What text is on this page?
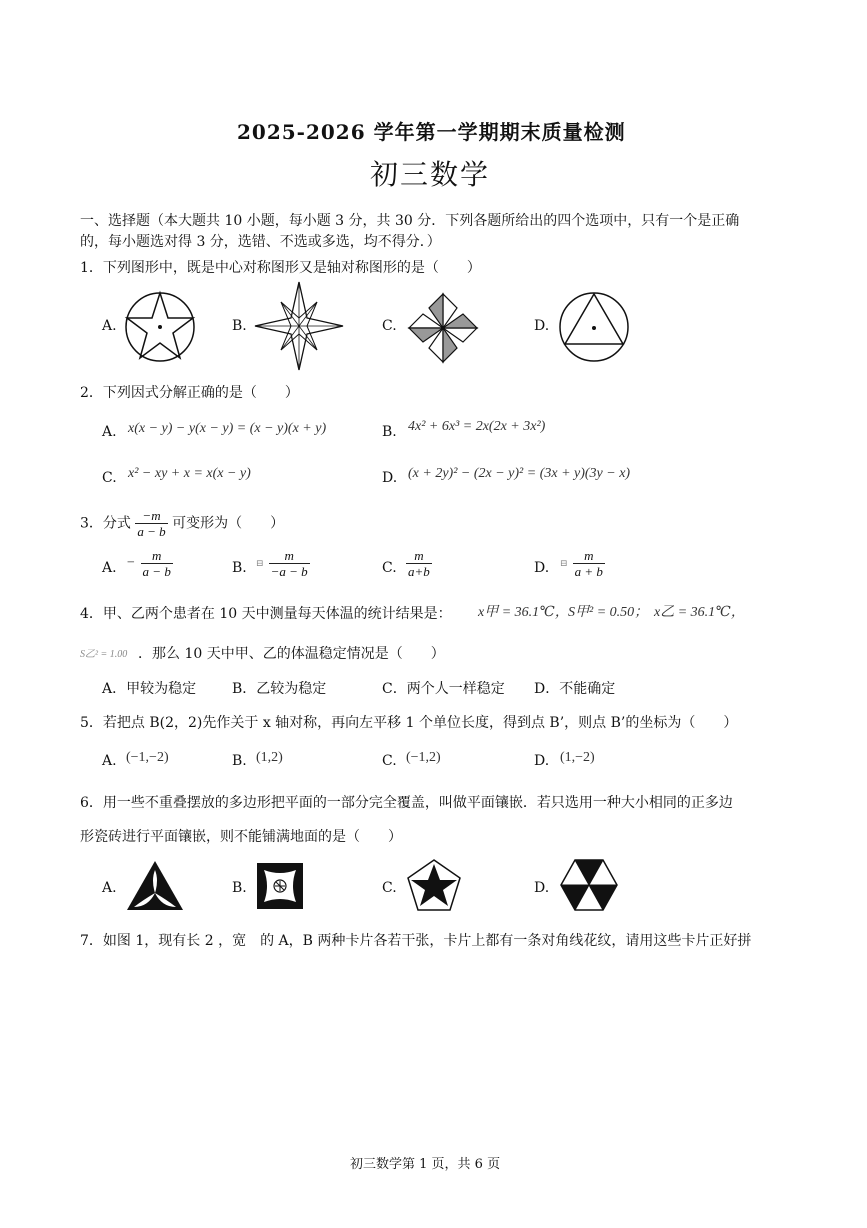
2025-2026 学年第一学期期末质量检测
初三数学
一、选择题（本大题共 10 小题，每小题 3 分，共 30 分．下列各题所给出的四个选项中，只有一个是正确
的，每小题选对得 3 分，选错、不选或多选，均不得分．）
1．下列图形中，既是中心对称图形又是轴对称图形的是（　　）
A.	B.	C.	D.
2．下列因式分解正确的是（　　）
A. x(x − y) − y(x − y) = (x − y)(x + y)	B. 4x² + 6x³ = 2x(2x + 3x²)
C. x² − xy + x = x(x − y)	D. (x + 2y)² − (2x − y)² = (3x + y)(3y − x)
3．分式 $\frac{-m}{a - b}$ 可变形为（　　）
A. − $\frac{m}{a - b}$	B. ⊟ $\frac{m}{-a - b}$	C. $\frac{m}{a+b}$	D. ⊟ $\frac{m}{a + b}$
4．甲、乙两个患者在 10 天中测量每天体温的统计结果是： x甲 = 36.1℃， S甲² = 0.50； x乙 = 36.1℃，
S乙² = 1.00 ．那么 10 天中甲、乙的体温稳定情况是（　　）
A．甲较为稳定	B．乙较为稳定	C．两个人一样稳定 D．不能确定
5．若把点 B(2，2)先作关于 x 轴对称，再向左平移 1 个单位长度，得到点 B’，则点 B’的坐标为（　　）
A. (−1,−2)	B. (1,2)	C. (−1,2)	D. (1,−2)
6．用一些不重叠摆放的多边形把平面的一部分完全覆盖，叫做平面镶嵌．若只选用一种大小相同的正多边
形瓷砖进行平面镶嵌，则不能铺满地面的是（　　）
A.	B.	C.	D.
7．如图 1，现有长 2 ，宽　的 A，B 两种卡片各若干张，卡片上都有一条对角线花纹，请用这些卡片正好拼
初三数学第 1 页，共 6 页
